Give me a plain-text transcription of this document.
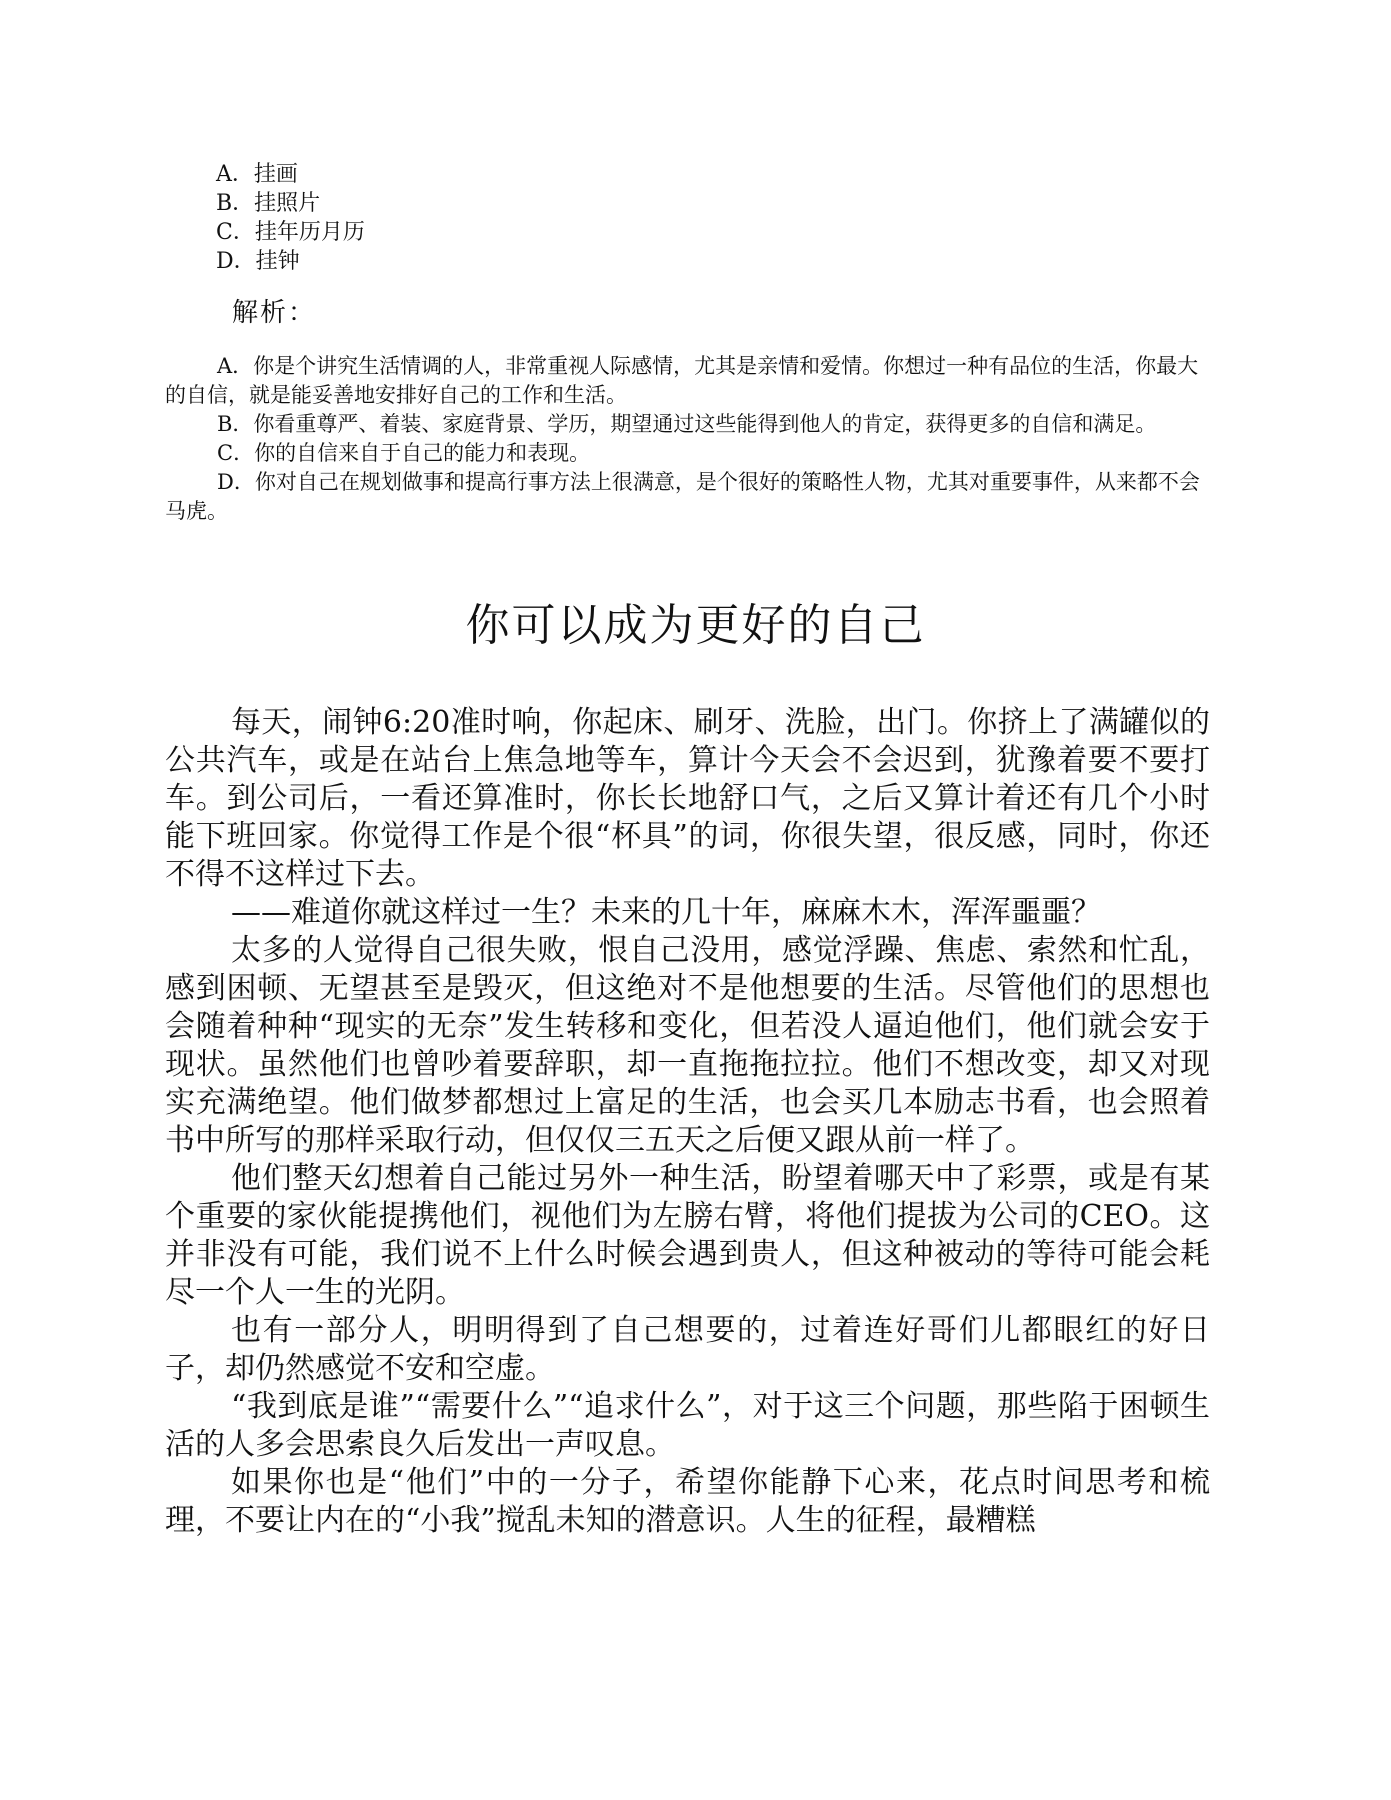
A．挂画
B．挂照片
C．挂年历月历
D．挂钟
解析：

A．你是个讲究生活情调的人，非常重视人际感情，尤其是亲情和爱情。你想过一种有品位的生活，你最大的自信，就是能妥善地安排好自己的工作和生活。

B．你看重尊严、着装、家庭背景、学历，期望通过这些能得到他人的肯定，获得更多的自信和满足。

C．你的自信来自于自己的能力和表现。

D．你对自己在规划做事和提高行事方法上很满意，是个很好的策略性人物，尤其对重要事件，从来都不会马虎。

你可以成为更好的自己

每天，闹钟6:20准时响，你起床、刷牙、洗脸，出门。你挤上了满罐似的公共汽车，或是在站台上焦急地等车，算计今天会不会迟到，犹豫着要不要打车。到公司后，一看还算准时，你长长地舒口气，之后又算计着还有几个小时能下班回家。你觉得工作是个很“杯具”的词，你很失望，很反感，同时，你还不得不这样过下去。

——难道你就这样过一生？未来的几十年，麻麻木木，浑浑噩噩？

太多的人觉得自己很失败，恨自己没用，感觉浮躁、焦虑、索然和忙乱，感到困顿、无望甚至是毁灭，但这绝对不是他想要的生活。尽管他们的思想也会随着种种“现实的无奈”发生转移和变化，但若没人逼迫他们，他们就会安于现状。虽然他们也曾吵着要辞职，却一直拖拖拉拉。他们不想改变，却又对现实充满绝望。他们做梦都想过上富足的生活，也会买几本励志书看，也会照着书中所写的那样采取行动，但仅仅三五天之后便又跟从前一样了。

他们整天幻想着自己能过另外一种生活，盼望着哪天中了彩票，或是有某个重要的家伙能提携他们，视他们为左膀右臂，将他们提拔为公司的CEO。这并非没有可能，我们说不上什么时候会遇到贵人，但这种被动的等待可能会耗尽一个人一生的光阴。

也有一部分人，明明得到了自己想要的，过着连好哥们儿都眼红的好日子，却仍然感觉不安和空虚。

“我到底是谁”“需要什么”“追求什么”，对于这三个问题，那些陷于困顿生活的人多会思索良久后发出一声叹息。

如果你也是“他们”中的一分子，希望你能静下心来，花点时间思考和梳理，不要让内在的“小我”搅乱未知的潜意识。人生的征程，最糟糕
